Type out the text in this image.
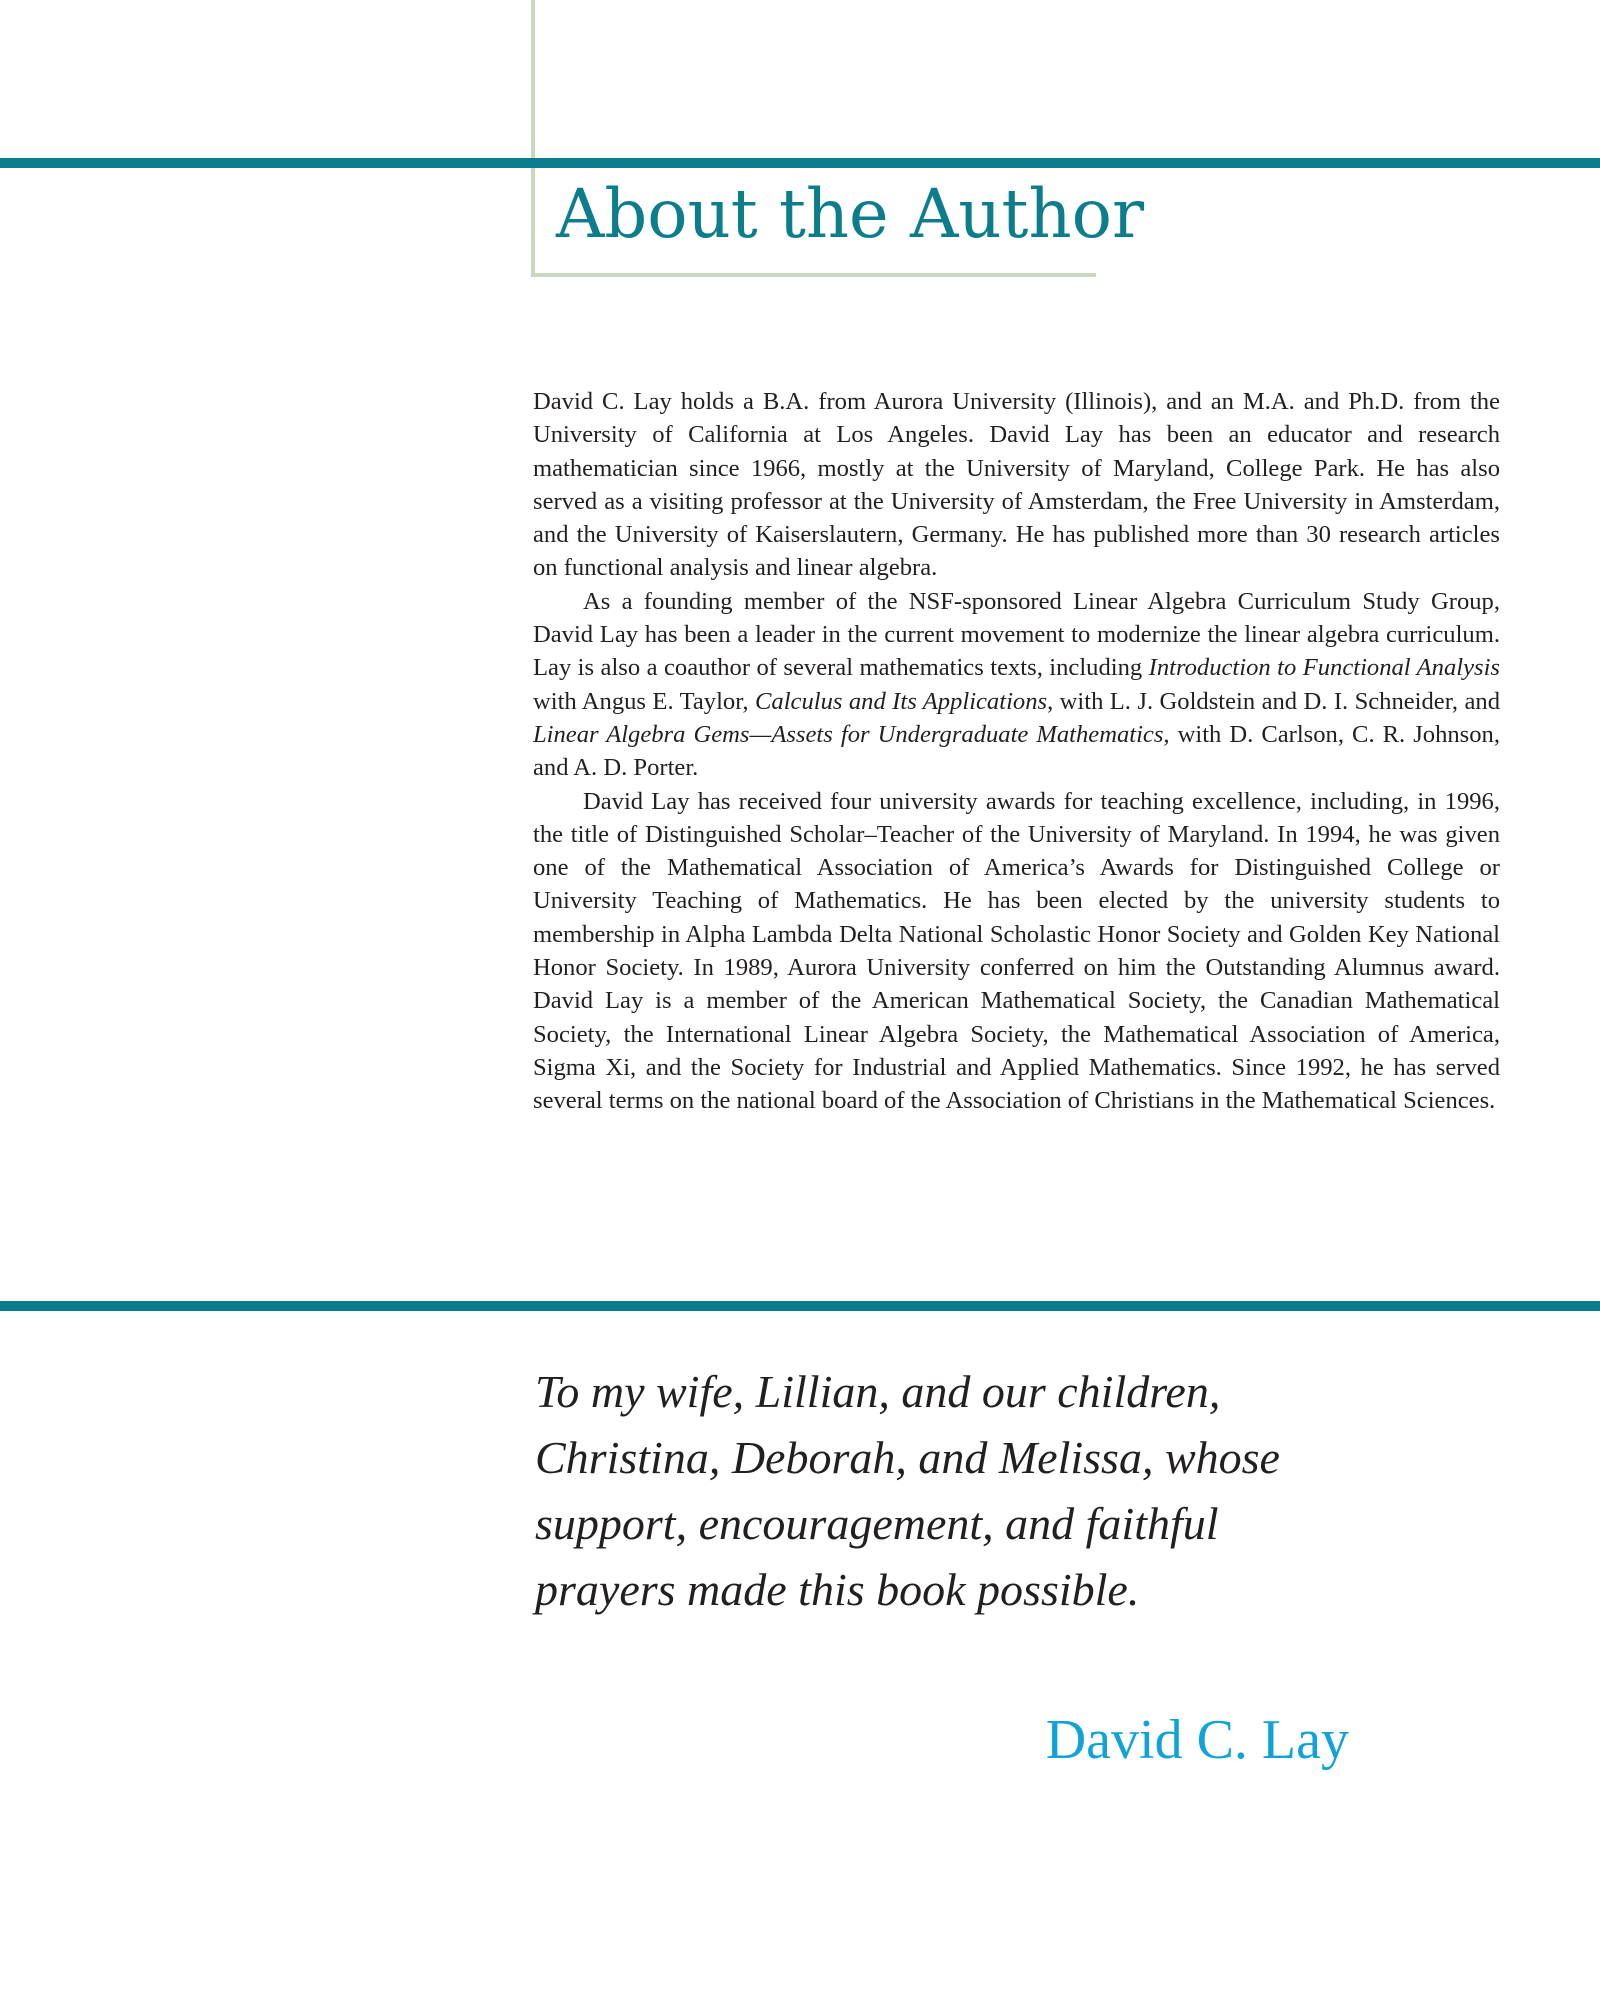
About the Author

David C. Lay holds a B.A. from Aurora University (Illinois), and an M.A. and Ph.D. from the University of California at Los Angeles. David Lay has been an educator and research mathematician since 1966, mostly at the University of Maryland, College Park. He has also served as a visiting professor at the University of Amsterdam, the Free University in Amsterdam, and the University of Kaiserslautern, Germany. He has published more than 30 research articles on functional analysis and linear algebra.

As a founding member of the NSF-sponsored Linear Algebra Curriculum Study Group, David Lay has been a leader in the current movement to modernize the linear algebra curriculum. Lay is also a coauthor of several mathematics texts, including Introduction to Functional Analysis with Angus E. Taylor, Calculus and Its Applications, with L. J. Goldstein and D. I. Schneider, and Linear Algebra Gems—Assets for Undergraduate Mathematics, with D. Carlson, C. R. Johnson, and A. D. Porter.

David Lay has received four university awards for teaching excellence, including, in 1996, the title of Distinguished Scholar–Teacher of the University of Maryland. In 1994, he was given one of the Mathematical Association of America’s Awards for Distinguished College or University Teaching of Mathematics. He has been elected by the university students to membership in Alpha Lambda Delta National Scholastic Honor Society and Golden Key National Honor Society. In 1989, Aurora University conferred on him the Outstanding Alumnus award. David Lay is a member of the American Mathematical Society, the Canadian Mathematical Society, the International Linear Algebra Society, the Mathematical Association of America, Sigma Xi, and the Society for Industrial and Applied Mathematics. Since 1992, he has served several terms on the national board of the Association of Christians in the Mathematical Sciences.

To my wife, Lillian, and our children,
Christina, Deborah, and Melissa, whose
support, encouragement, and faithful
prayers made this book possible.
David C. Lay
